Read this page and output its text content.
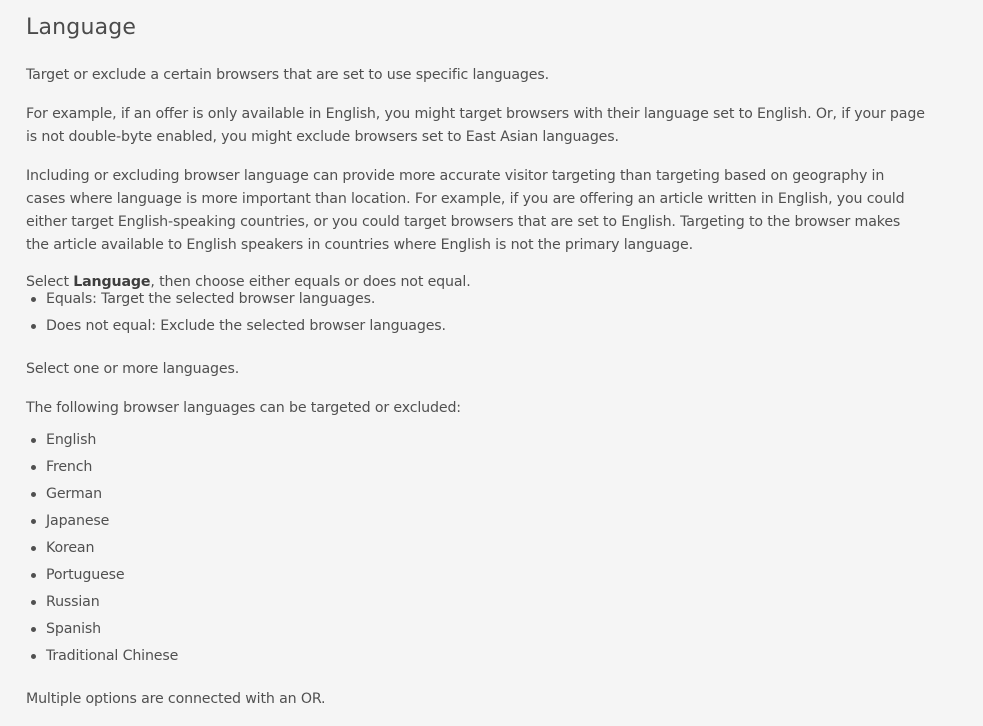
Language

Target or exclude a certain browsers that are set to use specific languages.

For example, if an offer is only available in English, you might target browsers with their language set to English. Or, if your page is not double-byte enabled, you might exclude browsers set to East Asian languages.

Including or excluding browser language can provide more accurate visitor targeting than targeting based on geography in cases where language is more important than location. For example, if you are offering an article written in English, you could either target English-speaking countries, or you could target browsers that are set to English. Targeting to the browser makes the article available to English speakers in countries where English is not the primary language.

Select Language, then choose either equals or does not equal.

Equals: Target the selected browser languages.
Does not equal: Exclude the selected browser languages.

Select one or more languages.

The following browser languages can be targeted or excluded:

English
French
German
Japanese
Korean
Portuguese
Russian
Spanish
Traditional Chinese

Multiple options are connected with an OR.
